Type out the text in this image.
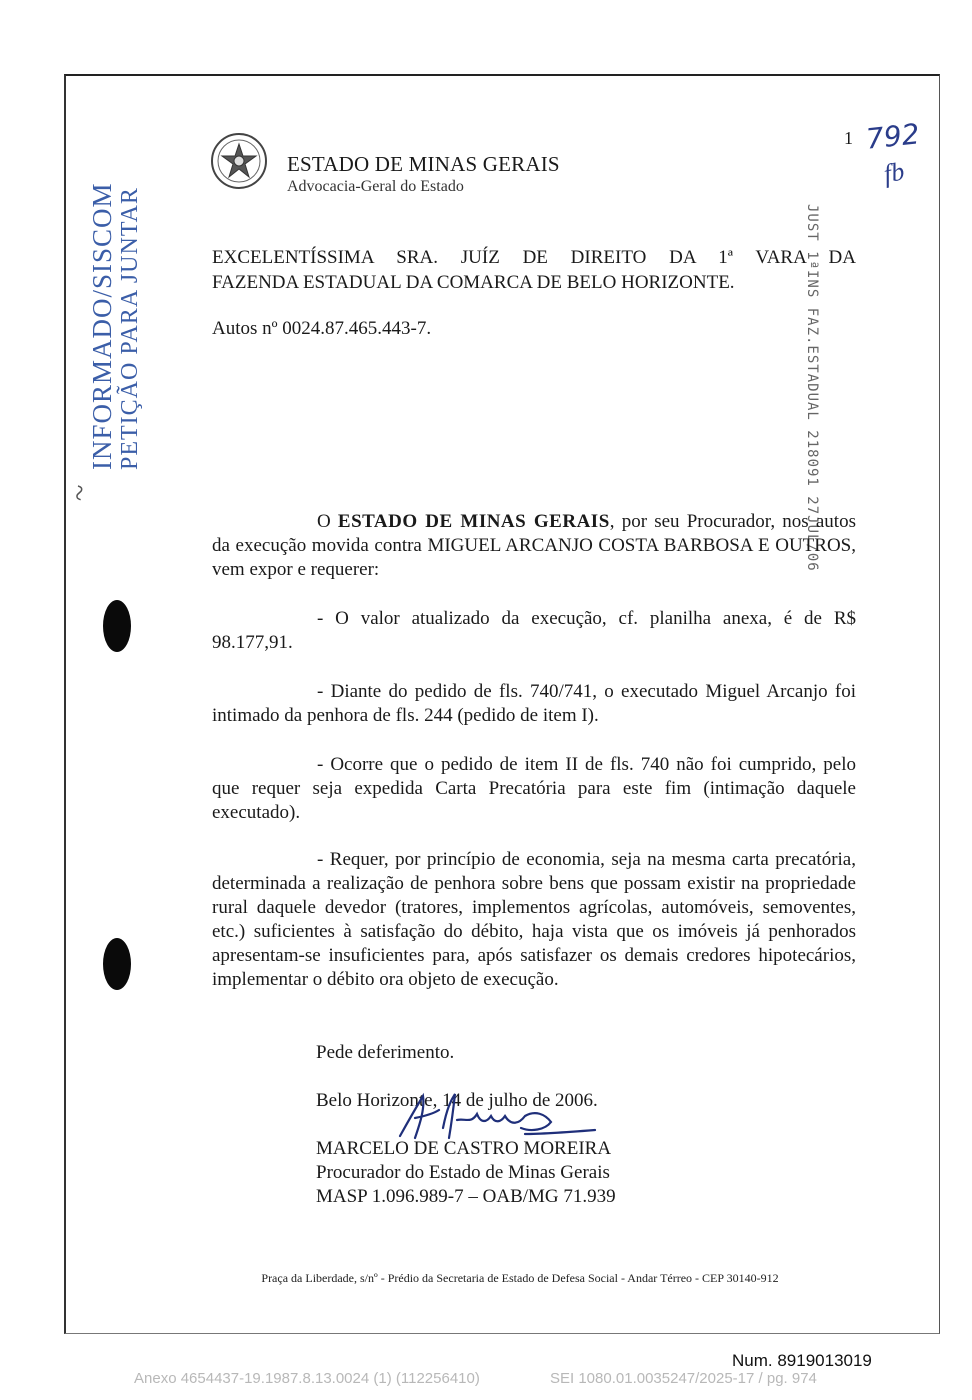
ESTADO DE MINAS GERAIS
Advocacia-Geral do Estado
1 792
fb
INFORMADO/SISCOM PETIÇÃO PARA JUNTAR	JUST 1ªINS FAZ.ESTADUAL 218091 27JUL/06
~
EXCELENTÍSSIMA SRA. JUÍZ DE DIREITO DA 1ª VARA DA
FAZENDA ESTADUAL DA COMARCA DE BELO HORIZONTE.
Autos nº 0024.87.465.443-7.
O ESTADO DE MINAS GERAIS, por seu Procurador, nos autos da execução movida contra MIGUEL ARCANJO COSTA BARBOSA E OUTROS, vem expor e requerer:
- O valor atualizado da execução, cf. planilha anexa, é de R$ 98.177,91.
- Diante do pedido de fls. 740/741, o executado Miguel Arcanjo foi intimado da penhora de fls. 244 (pedido de item I).
- Ocorre que o pedido de item II de fls. 740 não foi cumprido, pelo que requer seja expedida Carta Precatória para este fim (intimação daquele executado).
- Requer, por princípio de economia, seja na mesma carta precatória, determinada a realização de penhora sobre bens que possam existir na propriedade rural daquele devedor (tratores, implementos agrícolas, automóveis, semoventes, etc.) suficientes à satisfação do débito, haja vista que os imóveis já penhorados apresentam-se insuficientes para, após satisfazer os demais credores hipotecários, implementar o débito ora objeto de execução.
Pede deferimento.
Belo Horizonte, 14 de julho de 2006.
MARCELO DE CASTRO MOREIRA
Procurador do Estado de Minas Gerais
MASP 1.096.989-7 – OAB/MG 71.939
Praça da Liberdade, s/nº - Prédio da Secretaria de Estado de Defesa Social - Andar Térreo - CEP 30140-912
Num. 8919013019
Anexo 4654437-19.1987.8.13.0024 (1) (112256410)	SEI 1080.01.0035247/2025-17 / pg. 974
